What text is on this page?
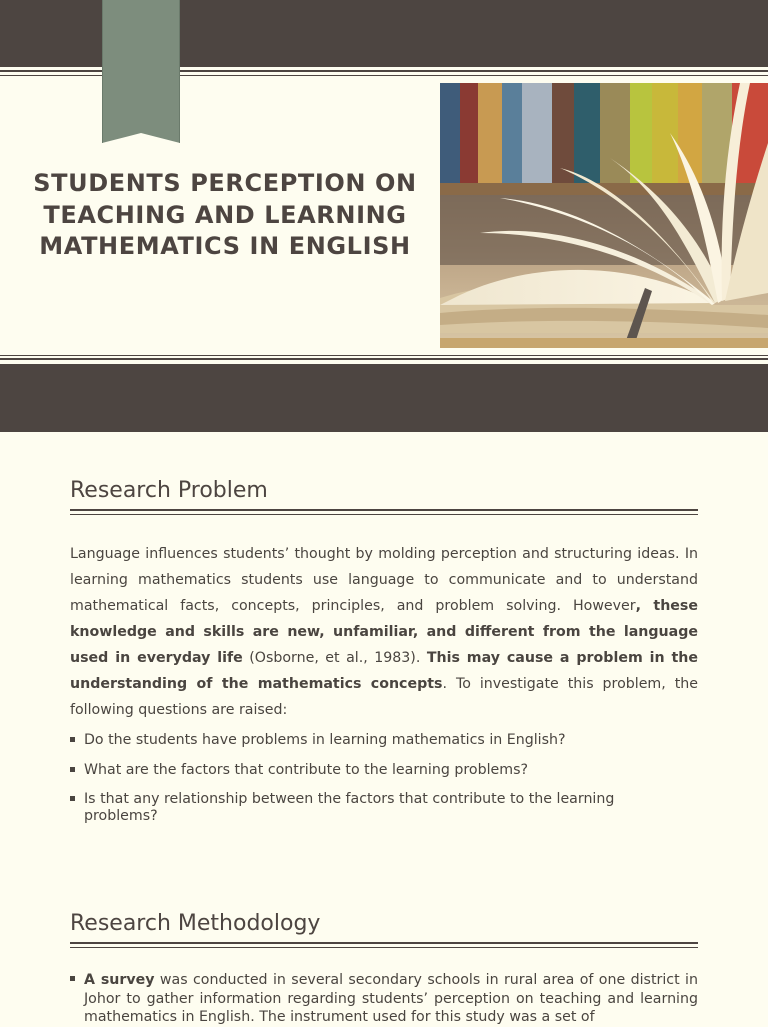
STUDENTS PERCEPTION ON TEACHING AND LEARNING MATHEMATICS IN ENGLISH
Research Problem
Language influences students’ thought by molding perception and structuring ideas. In learning mathematics students use language to communicate and to understand mathematical facts, concepts, principles, and problem solving. However, these knowledge and skills are new, unfamiliar, and different from the language used in everyday life (Osborne, et al., 1983). This may cause a problem in the understanding of the mathematics concepts. To investigate this problem, the following questions are raised:
Do the students have problems in learning mathematics in English?
What are the factors that contribute to the learning problems?
Is that any relationship between the factors that contribute to the learning problems?
Research Methodology
A survey was conducted in several secondary schools in rural area of one district in Johor to gather information regarding students’ perception on teaching and learning mathematics in English. The instrument used for this study was a set of
